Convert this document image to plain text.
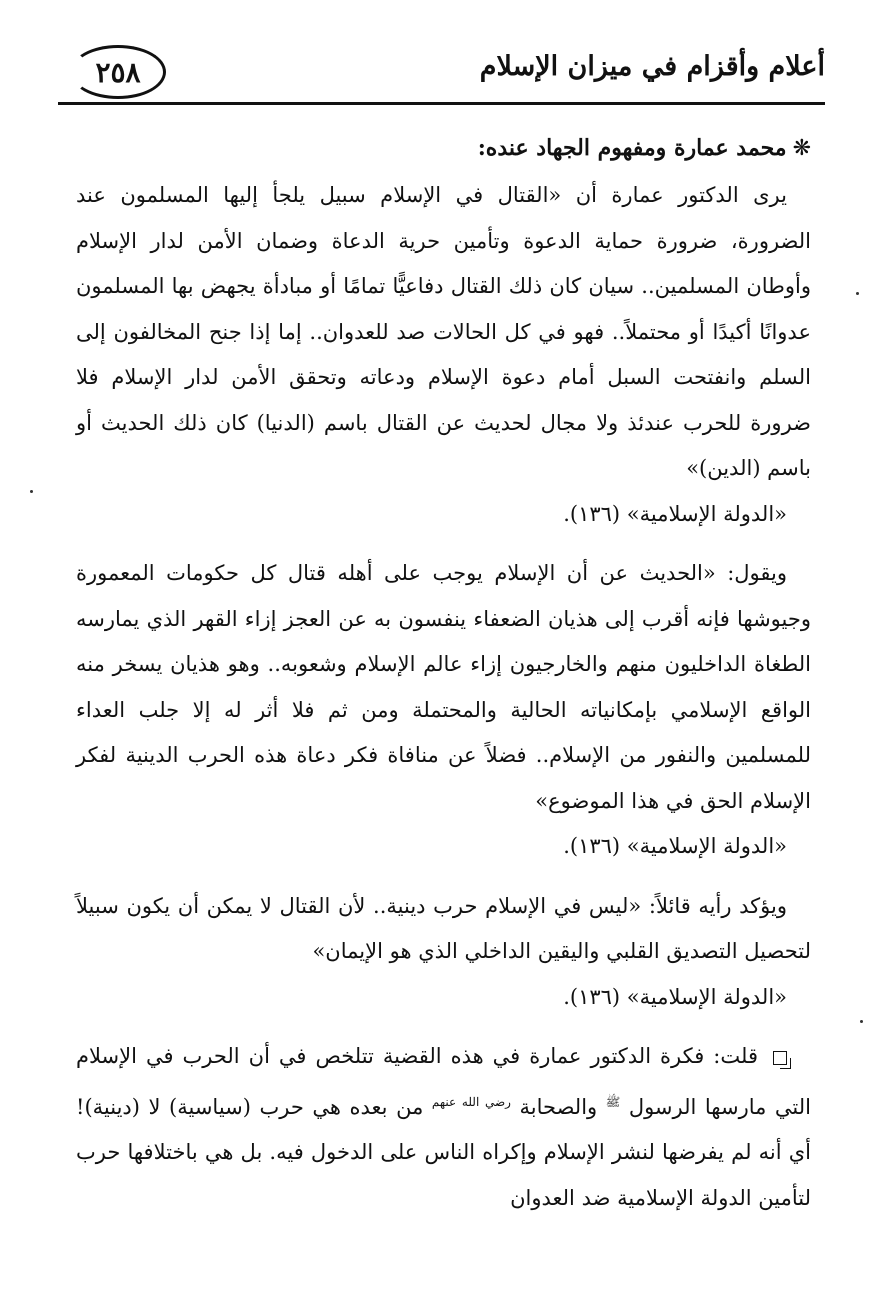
أعلام وأقزام في ميزان الإسلام
٢٥٨
❋محمد عمارة ومفهوم الجهاد عنده:

يرى الدكتور عمارة أن «القتال في الإسلام سبيل يلجأ إليها المسلمون عند الضرورة، ضرورة حماية الدعوة وتأمين حرية الدعاة وضمان الأمن لدار الإسلام وأوطان المسلمين.. سيان كان ذلك القتال دفاعيًّا تمامًا أو مبادأة يجهض بها المسلمون عدوانًا أكيدًا أو محتملاً.. فهو في كل الحالات صد للعدوان.. إما إذا جنح المخالفون إلى السلم وانفتحت السبل أمام دعوة الإسلام ودعاته وتحقق الأمن لدار الإسلام فلا ضرورة للحرب عندئذ ولا مجال لحديث عن القتال باسم (الدنيا) كان ذلك الحديث أو باسم (الدين)»
«الدولة الإسلامية» (١٣٦).

ويقول: «الحديث عن أن الإسلام يوجب على أهله قتال كل حكومات المعمورة وجيوشها فإنه أقرب إلى هذيان الضعفاء ينفسون به عن العجز إزاء القهر الذي يمارسه الطغاة الداخليون منهم والخارجيون إزاء عالم الإسلام وشعوبه.. وهو هذيان يسخر منه الواقع الإسلامي بإمكانياته الحالية والمحتملة ومن ثم فلا أثر له إلا جلب العداء للمسلمين والنفور من الإسلام.. فضلاً عن منافاة فكر دعاة هذه الحرب الدينية لفكر الإسلام الحق في هذا الموضوع»
«الدولة الإسلامية» (١٣٦).

ويؤكد رأيه قائلاً: «ليس في الإسلام حرب دينية.. لأن القتال لا يمكن أن يكون سبيلاً لتحصيل التصديق القلبي واليقين الداخلي الذي هو الإيمان»
«الدولة الإسلامية» (١٣٦).

قلت: فكرة الدكتور عمارة في هذه القضية تتلخص في أن الحرب في الإسلام التي مارسها الرسول $^ﷺ$ والصحابة $^{رضي الله عنهم}$ من بعده هي حرب (سياسية) لا (دينية)! أي أنه لم يفرضها لنشر الإسلام وإكراه الناس على الدخول فيه. بل هي باختلافها حرب لتأمين الدولة الإسلامية ضد العدوان
